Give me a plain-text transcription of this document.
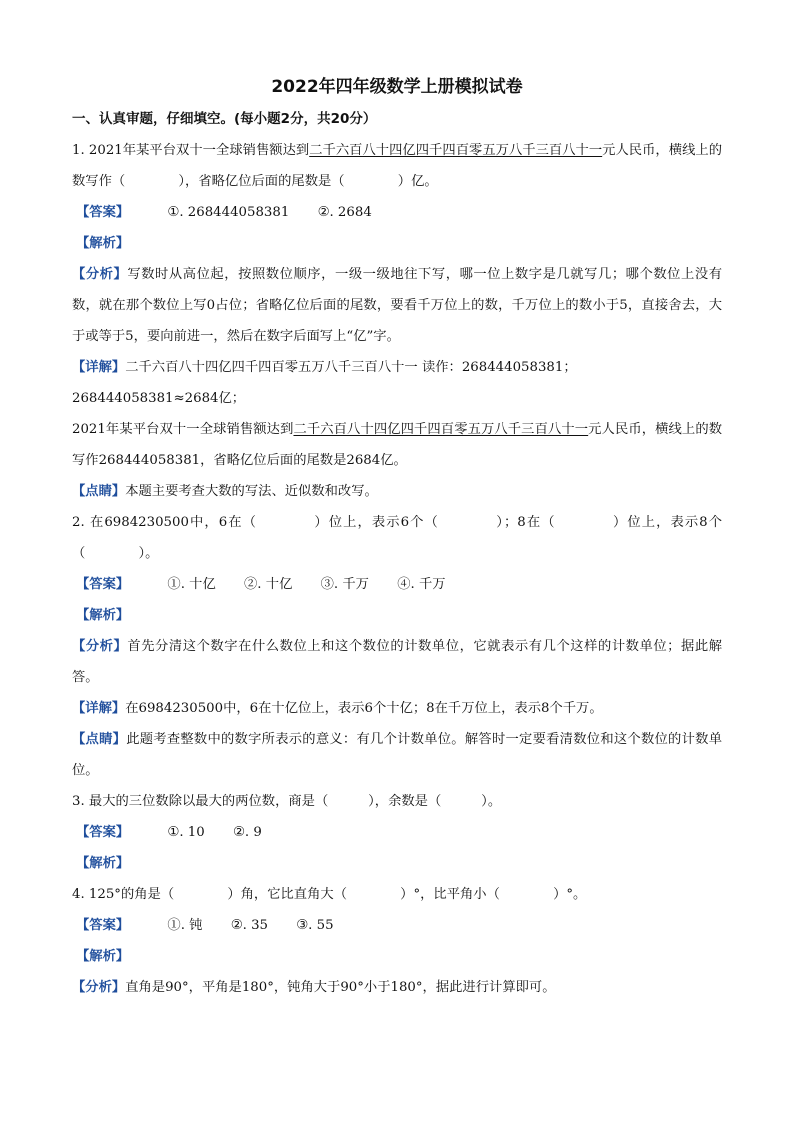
2022年四年级数学上册模拟试卷

一、认真审题，仔细填空。(每小题2分，共20分）

1. 2021年某平台双十一全球销售额达到二千六百八十四亿四千四百零五万八千三百八十一元人民币，横线上的数写作（　　　　），省略亿位后面的尾数是（　　　　）亿。

【答案】	①. 268444058381 ②. 2684

【解析】

【分析】写数时从高位起，按照数位顺序，一级一级地往下写，哪一位上数字是几就写几；哪个数位上没有数，就在那个数位上写0占位；省略亿位后面的尾数，要看千万位上的数，千万位上的数小于5，直接舍去，大于或等于5，要向前进一，然后在数字后面写上“亿”字。

【详解】二千六百八十四亿四千四百零五万八千三百八十一 读作：268444058381；

268444058381≈2684亿；

2021年某平台双十一全球销售额达到二千六百八十四亿四千四百零五万八千三百八十一元人民币，横线上的数写作268444058381，省略亿位后面的尾数是2684亿。

【点睛】本题主要考查大数的写法、近似数和改写。

2. 在6984230500中，6在（　　　　）位上，表示6个（　　　　）；8在（　　　　）位上，表示8个（　　　　）。

【答案】	①. 十亿 ②. 十亿 ③. 千万 ④. 千万

【解析】

【分析】首先分清这个数字在什么数位上和这个数位的计数单位，它就表示有几个这样的计数单位；据此解答。

【详解】在6984230500中，6在十亿位上，表示6个十亿；8在千万位上，表示8个千万。

【点睛】此题考查整数中的数字所表示的意义：有几个计数单位。解答时一定要看清数位和这个数位的计数单位。

3. 最大的三位数除以最大的两位数，商是（　　　），余数是（　　　）。

【答案】	①. 10 ②. 9

【解析】

4. 125°的角是（　　　　）角，它比直角大（　　　　）°，比平角小（　　　　）°。

【答案】	①. 钝 ②. 35 ③. 55

【解析】

【分析】直角是90°，平角是180°，钝角大于90°小于180°，据此进行计算即可。
